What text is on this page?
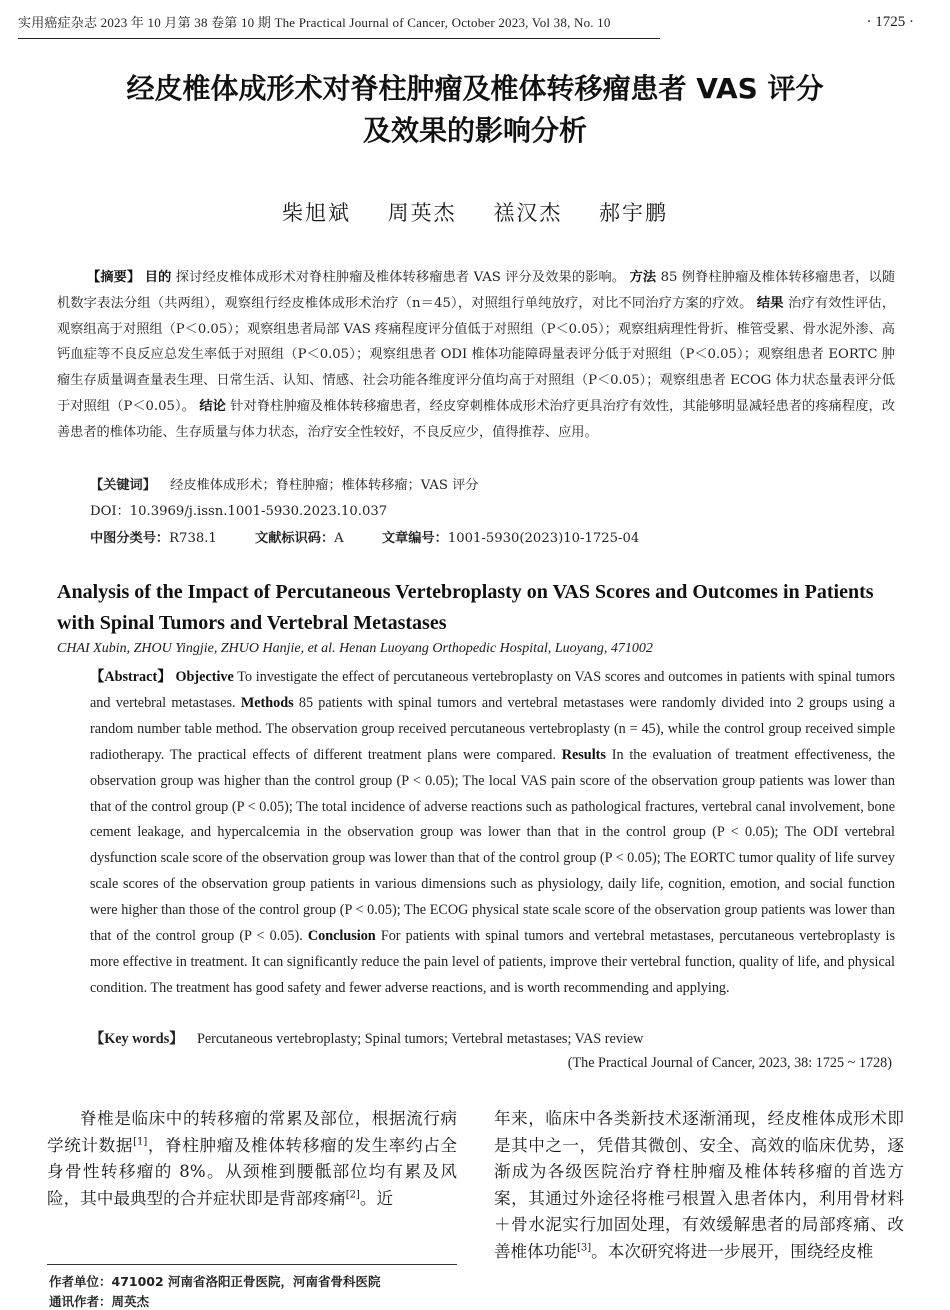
实用癌症杂志 2023 年 10 月第 38 卷第 10 期 The Practical Journal of Cancer, October 2023, Vol 38, No. 10	· 1725 ·
经皮椎体成形术对脊柱肿瘤及椎体转移瘤患者 VAS 评分
及效果的影响分析
柴旭斌 周英杰 禚汉杰 郝宇鹏
【摘要】 目的 探讨经皮椎体成形术对脊柱肿瘤及椎体转移瘤患者 VAS 评分及效果的影响。 方法 85 例脊柱肿瘤及椎体转移瘤患者，以随机数字表法分组（共两组），观察组行经皮椎体成形术治疗（n＝45），对照组行单纯放疗，对比不同治疗方案的疗效。 结果 治疗有效性评估，观察组高于对照组（P＜0.05）；观察组患者局部 VAS 疼痛程度评分值低于对照组（P＜0.05）；观察组病理性骨折、椎管受累、骨水泥外渗、高钙血症等不良反应总发生率低于对照组（P＜0.05）；观察组患者 ODI 椎体功能障碍量表评分低于对照组（P＜0.05）；观察组患者 EORTC 肿瘤生存质量调查量表生理、日常生活、认知、情感、社会功能各维度评分值均高于对照组（P＜0.05）；观察组患者 ECOG 体力状态量表评分低于对照组（P＜0.05）。 结论 针对脊柱肿瘤及椎体转移瘤患者，经皮穿刺椎体成形术治疗更具治疗有效性，其能够明显减轻患者的疼痛程度，改善患者的椎体功能、生存质量与体力状态，治疗安全性较好，不良反应少，值得推荐、应用。
【关键词】 经皮椎体成形术；脊柱肿瘤；椎体转移瘤；VAS 评分
DOI：10.3969/j.issn.1001-5930.2023.10.037
中图分类号：R738.1	文献标识码：A	文章编号：1001-5930(2023)10-1725-04
Analysis of the Impact of Percutaneous Vertebroplasty on VAS Scores and Outcomes in Patients with Spinal Tumors and Vertebral Metastases
CHAI Xubin, ZHOU Yingjie, ZHUO Hanjie, et al. Henan Luoyang Orthopedic Hospital, Luoyang, 471002
【Abstract】 Objective To investigate the effect of percutaneous vertebroplasty on VAS scores and outcomes in patients with spinal tumors and vertebral metastases. Methods 85 patients with spinal tumors and vertebral metastases were randomly divided into 2 groups using a random number table method. The observation group received percutaneous vertebroplasty (n = 45), while the control group received simple radiotherapy. The practical effects of different treatment plans were compared. Results In the evaluation of treatment effectiveness, the observation group was higher than the control group (P < 0.05); The local VAS pain score of the observation group patients was lower than that of the control group (P < 0.05); The total incidence of adverse reactions such as pathological fractures, vertebral canal involvement, bone cement leakage, and hypercalcemia in the observation group was lower than that in the control group (P < 0.05); The ODI vertebral dysfunction scale score of the observation group was lower than that of the control group (P < 0.05); The EORTC tumor quality of life survey scale scores of the observation group patients in various dimensions such as physiology, daily life, cognition, emotion, and social function were higher than those of the control group (P < 0.05); The ECOG physical state scale score of the observation group patients was lower than that of the control group (P < 0.05). Conclusion For patients with spinal tumors and vertebral metastases, percutaneous vertebroplasty is more effective in treatment. It can significantly reduce the pain level of patients, improve their vertebral function, quality of life, and physical condition. The treatment has good safety and fewer adverse reactions, and is worth recommending and applying.
【Key words】 Percutaneous vertebroplasty; Spinal tumors; Vertebral metastases; VAS review
(The Practical Journal of Cancer, 2023, 38: 1725 ~ 1728)

脊椎是临床中的转移瘤的常累及部位，根据流行病学统计数据[1]，脊柱肿瘤及椎体转移瘤的发生率约占全身骨性转移瘤的 8%。从颈椎到腰骶部位均有累及风险，其中最典型的合并症状即是背部疼痛[2]。近

年来，临床中各类新技术逐渐涌现，经皮椎体成形术即是其中之一，凭借其微创、安全、高效的临床优势，逐渐成为各级医院治疗脊柱肿瘤及椎体转移瘤的首选方案，其通过外途径将椎弓根置入患者体内，利用骨材料＋骨水泥实行加固处理，有效缓解患者的局部疼痛、改善椎体功能[3]。本次研究将进一步展开，围绕经皮椎

作者单位：471002 河南省洛阳正骨医院，河南省骨科医院
通讯作者：周英杰
